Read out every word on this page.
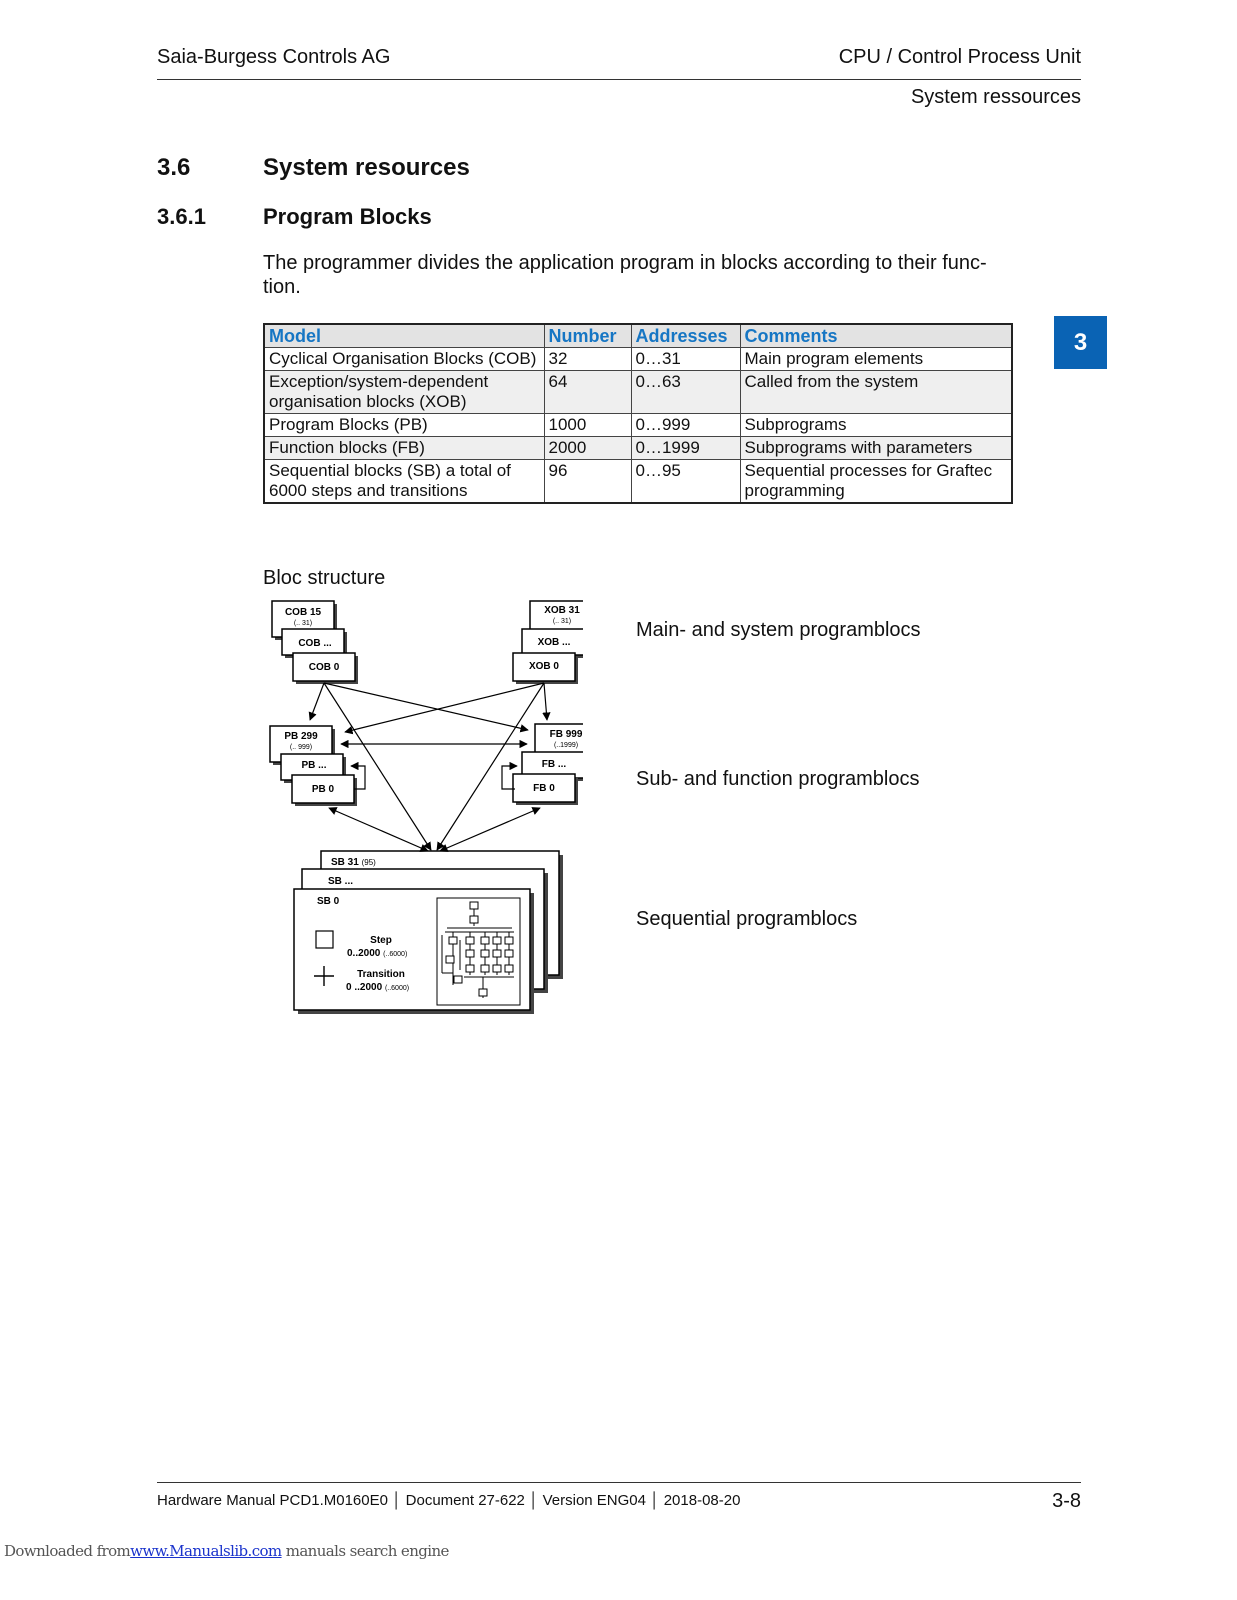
Saia-Burgess Controls AG	CPU / Control Process Unit
System ressources
3
3.6	System resources
3.6.1	Program Blocks
The programmer divides the application program in blocks according to their func-tion.
Model	Number	Addresses	Comments
Cyclical Organisation Blocks (COB)	32	0…31	Main program elements
Exception/system-dependent organisation blocks (XOB)	64	0…63	Called from the system
Program Blocks (PB)	1000	0…999	Subprograms
Function blocks (FB)	2000	0…1999	Subprograms with parameters
Sequential blocks (SB) a total of 6000 steps and transitions	96	0…95	Sequential processes for Graftec programming
Bloc structure
COB 15
COB ...
COB 0
XOB 31
XOB ...
XOB 0
PB 299
PB ...
PB 0
FB 999
FB ...
FB 0
(.. 31)	(.. 31)
(.. 999)	(..1999)
SB 31 (95)
SB ...
SB 0
Step
0..2000 (..6000)
Transition
0 ..2000 (..6000)
Main- and system programblocs
Sub- and function programblocs
Sequential programblocs
Hardware Manual PCD1.M0160E0 │ Document 27-622 │ Version ENG04 │ 2018-08-20	3-8
Downloaded fromwww.Manualslib.com manuals search engine
